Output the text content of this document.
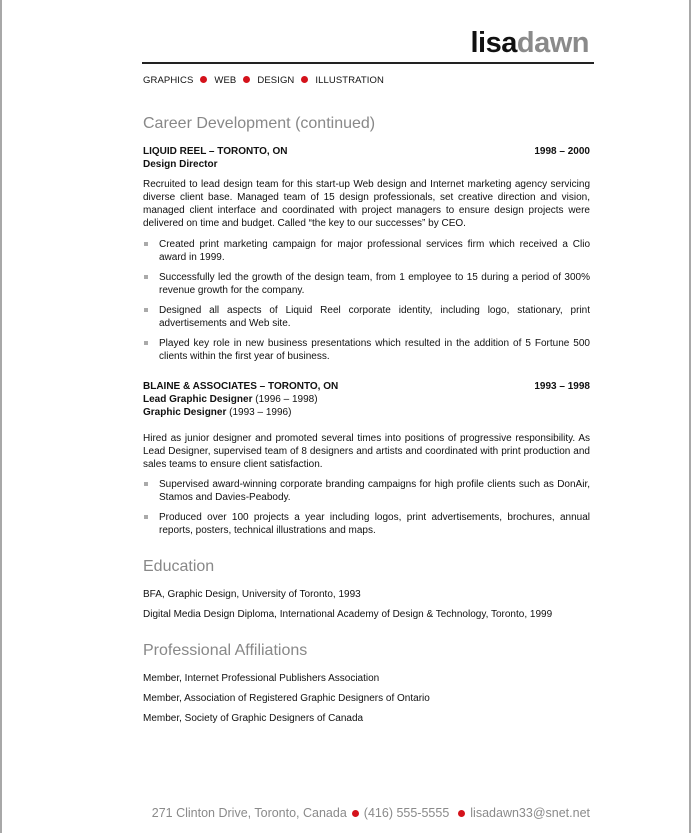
lisadawn
GRAPHICS WEB DESIGN ILLUSTRATION
Career Development (continued)
LIQUID REEL – TORONTO, ON	1998 – 2000
Design Director
Recruited to lead design team for this start-up Web design and Internet marketing agency servicing diverse client base. Managed team of 15 design professionals, set creative direction and vision, managed client interface and coordinated with project managers to ensure design projects were delivered on time and budget. Called “the key to our successes” by CEO.
Created print marketing campaign for major professional services firm which received a Clio award in 1999.
Successfully led the growth of the design team, from 1 employee to 15 during a period of 300% revenue growth for the company.
Designed all aspects of Liquid Reel corporate identity, including logo, stationary, print advertisements and Web site.
Played key role in new business presentations which resulted in the addition of 5 Fortune 500 clients within the first year of business.
BLAINE & ASSOCIATES – TORONTO, ON	1993 – 1998
Lead Graphic Designer (1996 – 1998)
Graphic Designer (1993 – 1996)
Hired as junior designer and promoted several times into positions of progressive responsibility. As Lead Designer, supervised team of 8 designers and artists and coordinated with print production and sales teams to ensure client satisfaction.
Supervised award-winning corporate branding campaigns for high profile clients such as DonAir, Stamos and Davies-Peabody.
Produced over 100 projects a year including logos, print advertisements, brochures, annual reports, posters, technical illustrations and maps.
Education
BFA, Graphic Design, University of Toronto, 1993
Digital Media Design Diploma, International Academy of Design & Technology, Toronto, 1999
Professional Affiliations
Member, Internet Professional Publishers Association
Member, Association of Registered Graphic Designers of Ontario
Member, Society of Graphic Designers of Canada
271 Clinton Drive, Toronto, Canada (416) 555-5555 lisadawn33@snet.net
